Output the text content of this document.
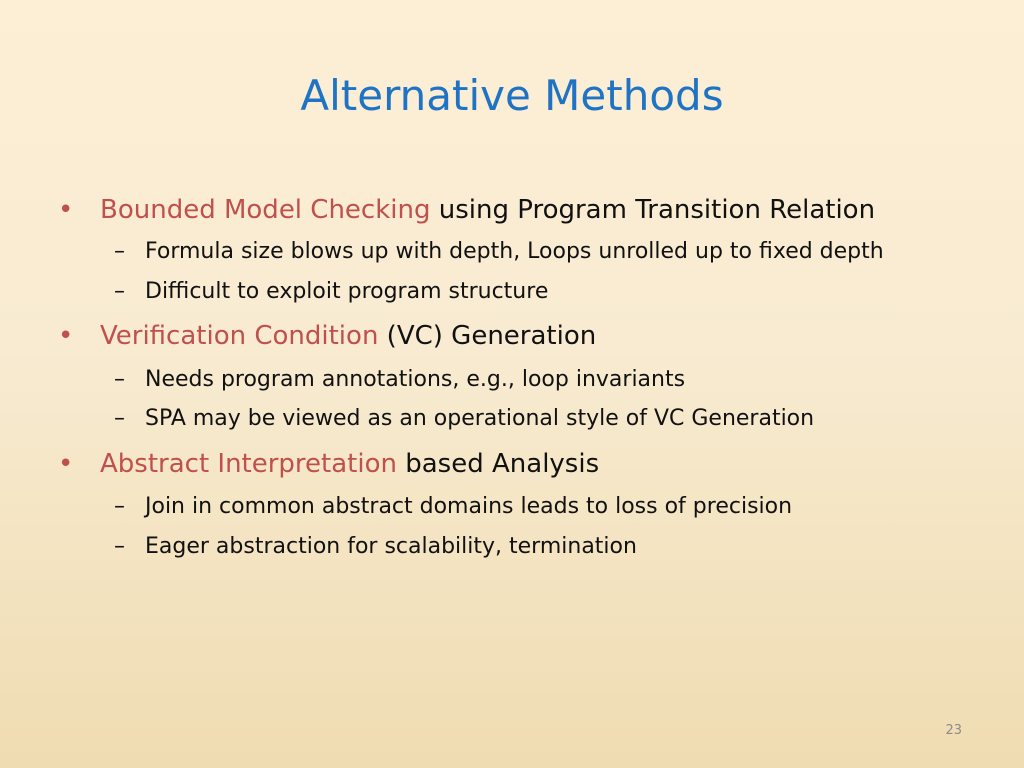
Alternative Methods
• Bounded Model Checking using Program Transition Relation
– Formula size blows up with depth, Loops unrolled up to fixed depth
– Difficult to exploit program structure
• Verification Condition (VC) Generation
– Needs program annotations, e.g., loop invariants
– SPA may be viewed as an operational style of VC Generation
• Abstract Interpretation based Analysis
– Join in common abstract domains leads to loss of precision
– Eager abstraction for scalability, termination
23
